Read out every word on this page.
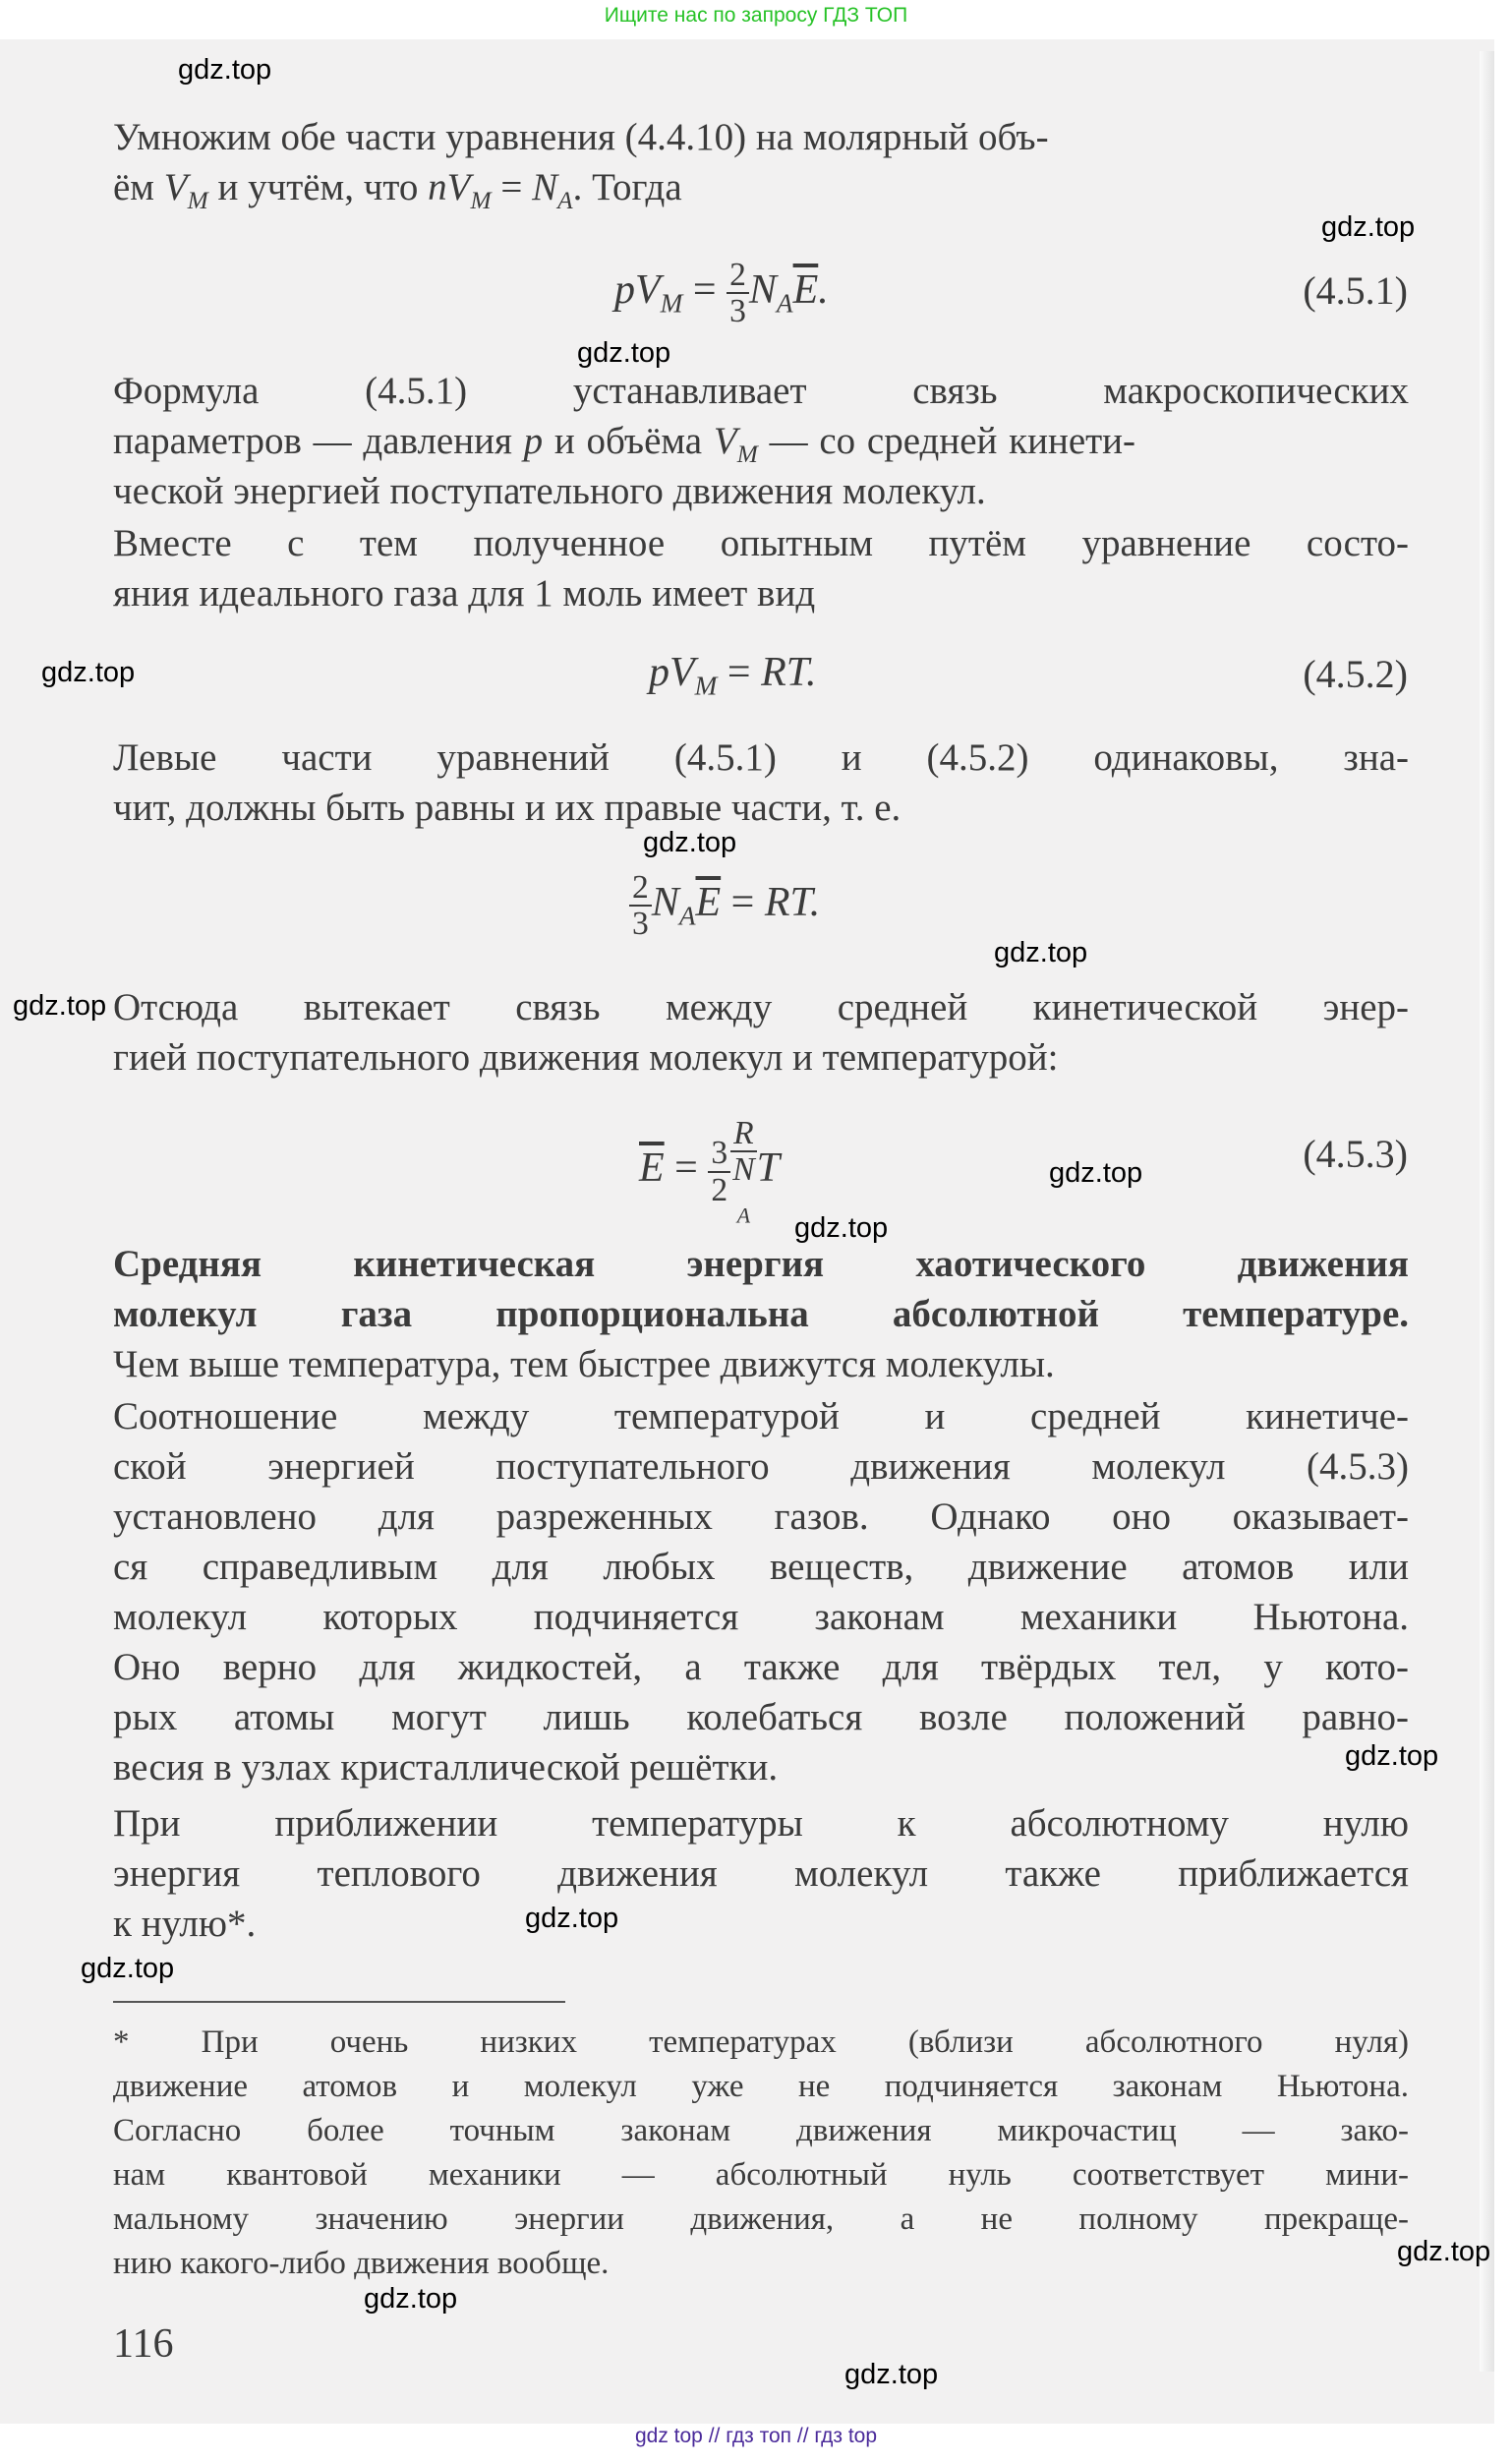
Ищите нас по запросу ГДЗ ТОП
Умножим обе части уравнения (4.4.10) на молярный объ-
ём $V_M$ и учтём, что $nV_M = N_A$. Тогда
$pV_M = \frac{2}{3} N_A\overline{E}$.	(4.5.1)
Формула (4.5.1) устанавливает связь макроскопических
параметров — давления p и объёма $V_M$ — со средней кинети-
ческой энергией поступательного движения молекул.
Вместе с тем полученное опытным путём уравнение состо-
яния идеального газа для 1 моль имеет вид
$pV_M$ = RT.	(4.5.2)
Левые части уравнений (4.5.1) и (4.5.2) одинаковы, зна-
чит, должны быть равны и их правые части, т. е.
$\frac{2}{3} N_A\overline{E}$ = RT.
Отсюда вытекает связь между средней кинетической энер-
гией поступательного движения молекул и температурой:
$\overline{E} = \frac{3}{2}$ R
N
$_A$ T	(4.5.3)
Средняя кинетическая энергия хаотического движения
молекул газа пропорциональна абсолютной температуре.
Чем выше температура, тем быстрее движутся молекулы.
Соотношение между температурой и средней кинетиче-
ской энергией поступательного движения молекул (4.5.3)
установлено для разреженных газов. Однако оно оказывает-
ся справедливым для любых веществ, движение атомов или
молекул которых подчиняется законам механики Ньютона.
Оно верно для жидкостей, а также для твёрдых тел, у кото-
рых атомы могут лишь колебаться возле положений равно-
весия в узлах кристаллической решётки.
При приближении температуры к абсолютному нулю
энергия теплового движения молекул также приближается
к нулю*.
* При очень низких температурах (вблизи абсолютного нуля)
движение атомов и молекул уже не подчиняется законам Ньютона.
Согласно более точным законам движения микрочастиц — зако-
нам квантовой механики — абсолютный нуль соответствует мини-
мальному значению энергии движения, а не полному прекраще-
нию какого-либо движения вообще.
116
gdz.top
gdz.top
gdz.top
gdz.top
gdz.top
gdz.top
gdz.top
gdz.top
gdz.top
gdz.top
gdz.top
gdz.top
gdz.top
gdz.top
gdz.top
gdz top // гдз топ // гдз top
